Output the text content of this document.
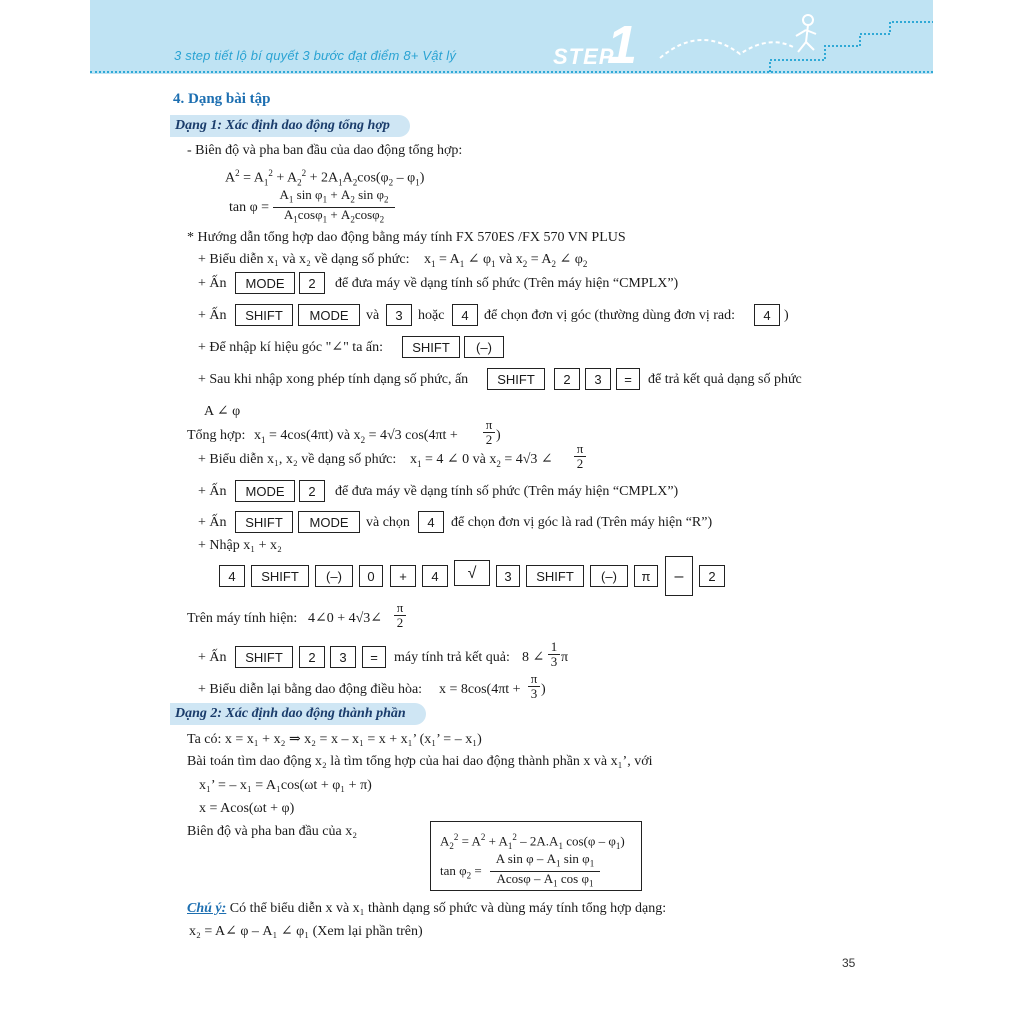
3 step tiết lộ bí quyết 3 bước đạt điểm 8+ Vật lý	STEP
1
4. Dạng bài tập
Dạng 1: Xác định dao động tổng hợp
- Biên độ và pha ban đầu của dao động tổng hợp:
$A^2 = A_1^2 + A_2^2 + 2A_1A_2\cos(\varphi_2 - \varphi_1)$
tan φ =
$A_1$ $\sin \varphi_1 + A_2$ $\sin \varphi_2$
$A_1\cos\varphi_1 + A_2\cos\varphi_2$
* Hướng dẫn tổng hợp dao động bằng máy tính FX 570ES /FX 570 VN PLUS
+ Biểu diễn x₁ và x₂ về dạng số phức: $x_1 = A_1$ ∠ $\varphi_1$ và $x_2 = A_2$ ∠ $\varphi_2$
+ Ấn	MODE	2	để đưa máy về dạng tính số phức (Trên máy hiện “CMPLX”)
+ Ấn	SHIFT	MODE	và	3	hoặc	4	để chọn đơn vị góc (thường dùng đơn vị rad:	4 )
+ Để nhập kí hiệu góc "∠" ta ấn:	SHIFT	(–)
+ Sau khi nhập xong phép tính dạng số phức, ấn	SHIFT	2	3	=	để trả kết quả dạng số phức
A ∠ φ
Tổng hợp: $x_1 = 4\cos(4\pi t)$ và $x_2 = 4√3$ cos(4πt +
π
2 )
+ Biểu diễn x₁, x₂ về dạng số phức: $x_1 = 4$ ∠ 0 và $x_2 = 4√3$ ∠
π
2
+ Ấn	MODE	2	để đưa máy về dạng tính số phức (Trên máy hiện “CMPLX”)
+ Ấn	SHIFT	MODE	và chọn	4	để chọn đơn vị góc là rad (Trên máy hiện “R”)
+ Nhập x₁ + x₂
4	SHIFT	(–)	0	+	4	√	3	SHIFT	(–)	π	–	2
Trên máy tính hiện: 4∠0 + 4√3∠
π
2
+ Ấn	SHIFT	2	3	=	máy tính trả kết quả: 8 ∠
1
3 π
+ Biểu diễn lại bằng dao động điều hòa: x = 8cos(4πt +
π
3 )
Dạng 2: Xác định dao động thành phần
Ta có: x = x₁ + x₂ ⇒ x₂ = x – x₁ = x + x₁’ (x₁’ = – x₁)
Bài toán tìm dao động x₂ là tìm tổng hợp của hai dao động thành phần x và x₁’, với
x₁’ = – x₁ = A₁cos(ωt + φ₁ + π)
x = Acos(ωt + φ)
Biên độ và pha ban đầu của x₂
$A_2^2 = A^2 + A_1^2 - 2A.A_1$ $\cos(\varphi - \varphi_1)$
$\tan \varphi_2$ =
A sin φ – $A_1$ $\sin \varphi_1$
Acosφ – $A_1$ $\cos \varphi_1$
Chú ý: Có thể biểu diễn x và x₁ thành dạng số phức và dùng máy tính tổng hợp dạng:
x₂ = A∠ φ – A₁ ∠ φ₁ (Xem lại phần trên)
35
